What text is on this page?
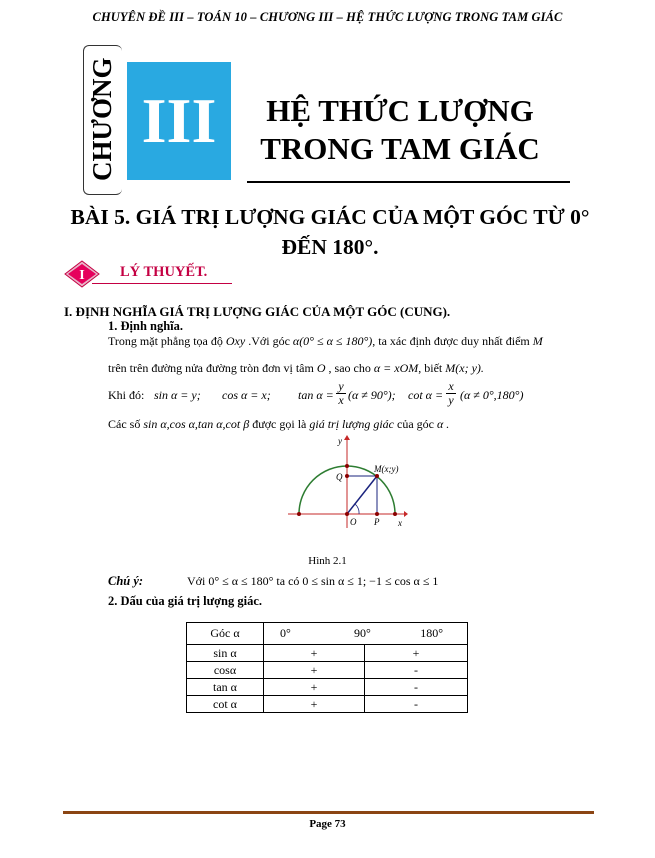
CHUYÊN ĐỀ III – TOÁN 10 – CHƯƠNG III – HỆ THỨC LƯỢNG TRONG TAM GIÁC
CHƯƠNG III	HỆ THỨC LƯỢNG
TRONG TAM GIÁC
BÀI 5. GIÁ TRỊ LƯỢNG GIÁC CỦA MỘT GÓC TỪ 0°
ĐẾN 180°.
I LÝ THUYẾT.
I. ĐỊNH NGHĨA GIÁ TRỊ LƯỢNG GIÁC CỦA MỘT GÓC (CUNG).
1. Định nghĩa.
Trong mặt phẳng tọa độ Oxy .Với góc α(0° ≤ α ≤ 180°), ta xác định được duy nhất điểm M
trên trên đường nửa đường tròn đơn vị tâm O , sao cho α = xOM, biết M(x; y).
Khi đó: sin α = y; cos α = x; $\tan \alpha = \frac{y}{x} (\alpha \ne 90^\circ)$; $\cot \alpha = \frac{x}{y} (\alpha \ne 0^\circ,180^\circ)$
Các số sin α,cos α,tan α,cot β được gọi là giá trị lượng giác của góc α .
y
x
O P
Q
M(x;y)
Hình 2.1
Chú ý:	Với 0° ≤ α ≤ 180° ta có 0 ≤ sin α ≤ 1; −1 ≤ cos α ≤ 1
2. Dấu của giá trị lượng giác.
Góc α	0° 90° 180°	

sin α	+	+
cosα	+	-
tan α	+	-
cot α	+	-
Page 73
